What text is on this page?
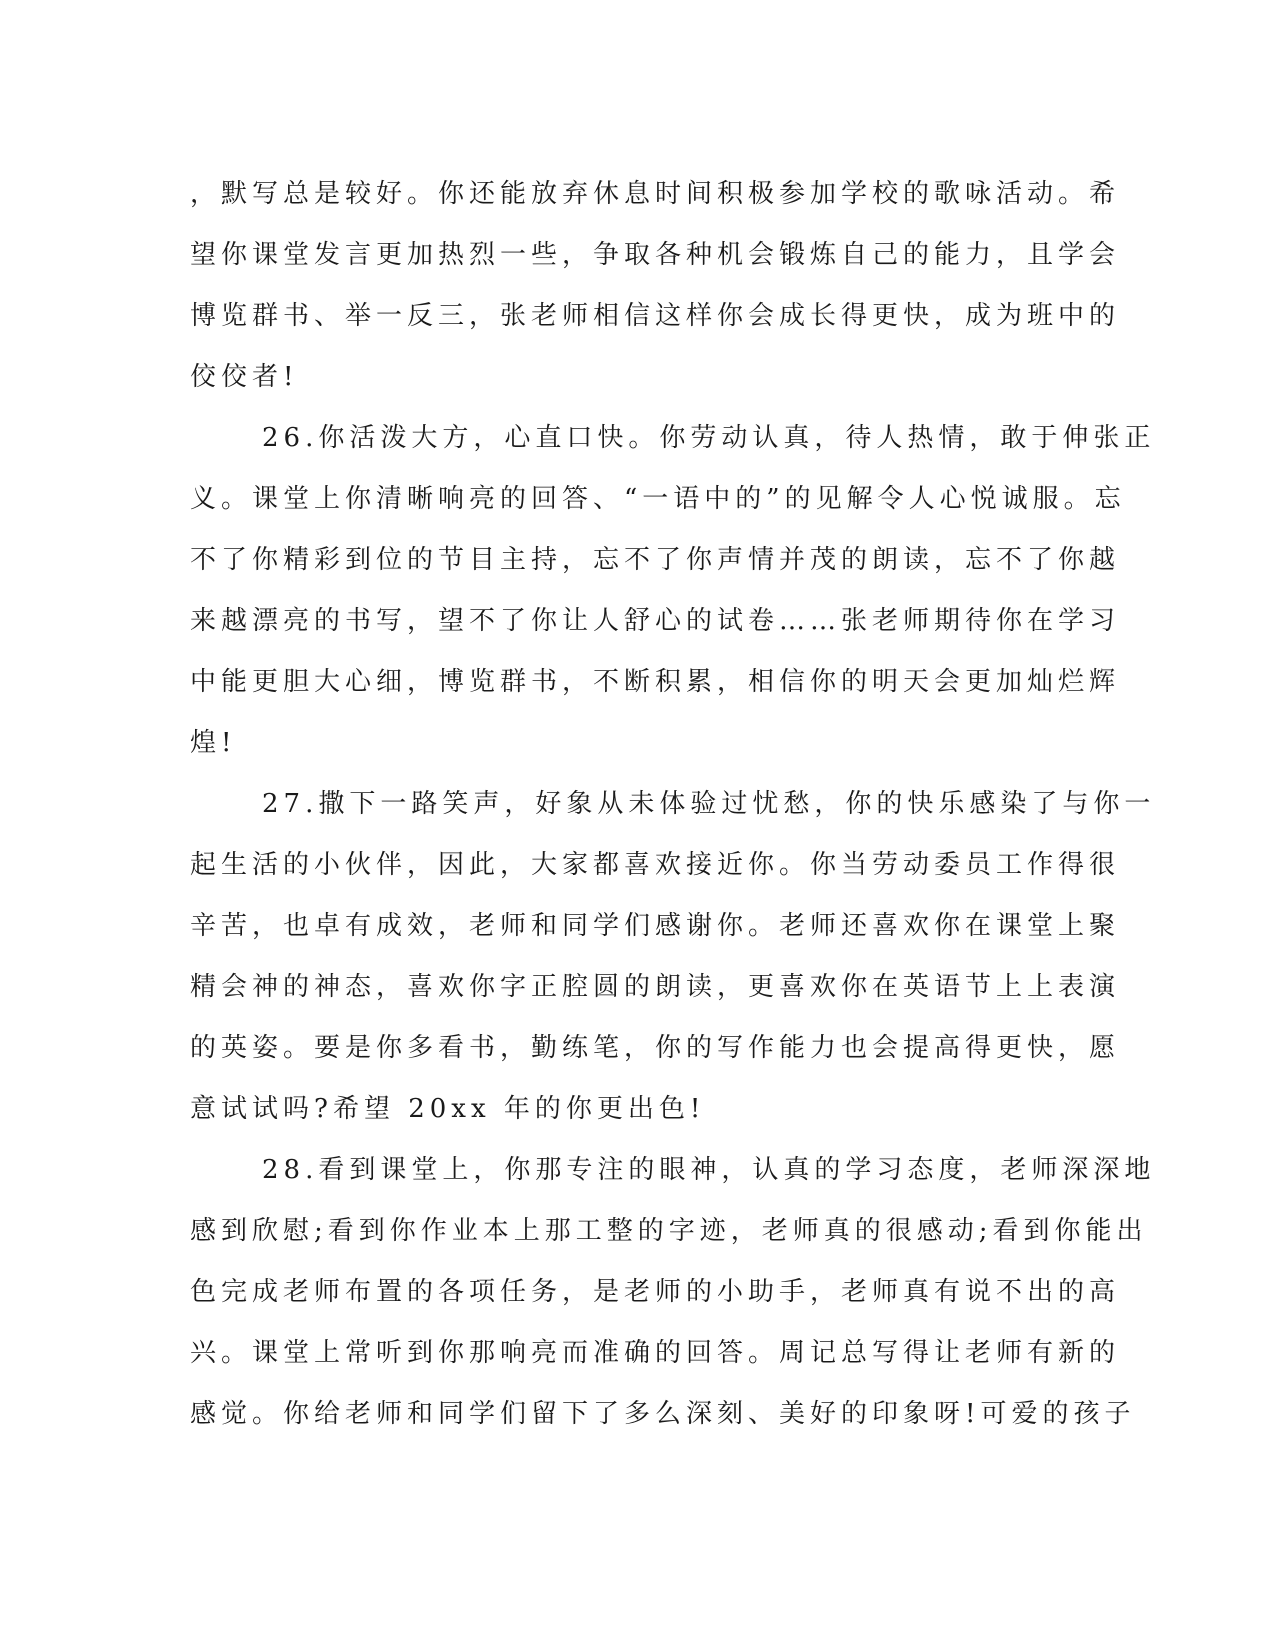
，默写总是较好。你还能放弃休息时间积极参加学校的歌咏活动。希
望你课堂发言更加热烈一些，争取各种机会锻炼自己的能力，且学会
博览群书、举一反三，张老师相信这样你会成长得更快，成为班中的
佼佼者!
26.你活泼大方，心直口快。你劳动认真，待人热情，敢于伸张正
义。课堂上你清晰响亮的回答、“一语中的”的见解令人心悦诚服。忘
不了你精彩到位的节目主持，忘不了你声情并茂的朗读，忘不了你越
来越漂亮的书写，望不了你让人舒心的试卷……张老师期待你在学习
中能更胆大心细，博览群书，不断积累，相信你的明天会更加灿烂辉
煌!
27.撒下一路笑声，好象从未体验过忧愁，你的快乐感染了与你一
起生活的小伙伴，因此，大家都喜欢接近你。你当劳动委员工作得很
辛苦，也卓有成效，老师和同学们感谢你。老师还喜欢你在课堂上聚
精会神的神态，喜欢你字正腔圆的朗读，更喜欢你在英语节上上表演
的英姿。要是你多看书，勤练笔，你的写作能力也会提高得更快，愿
意试试吗?希望 20xx 年的你更出色!
28.看到课堂上，你那专注的眼神，认真的学习态度，老师深深地
感到欣慰;看到你作业本上那工整的字迹，老师真的很感动;看到你能出
色完成老师布置的各项任务，是老师的小助手，老师真有说不出的高
兴。课堂上常听到你那响亮而准确的回答。周记总写得让老师有新的
感觉。你给老师和同学们留下了多么深刻、美好的印象呀!可爱的孩子
